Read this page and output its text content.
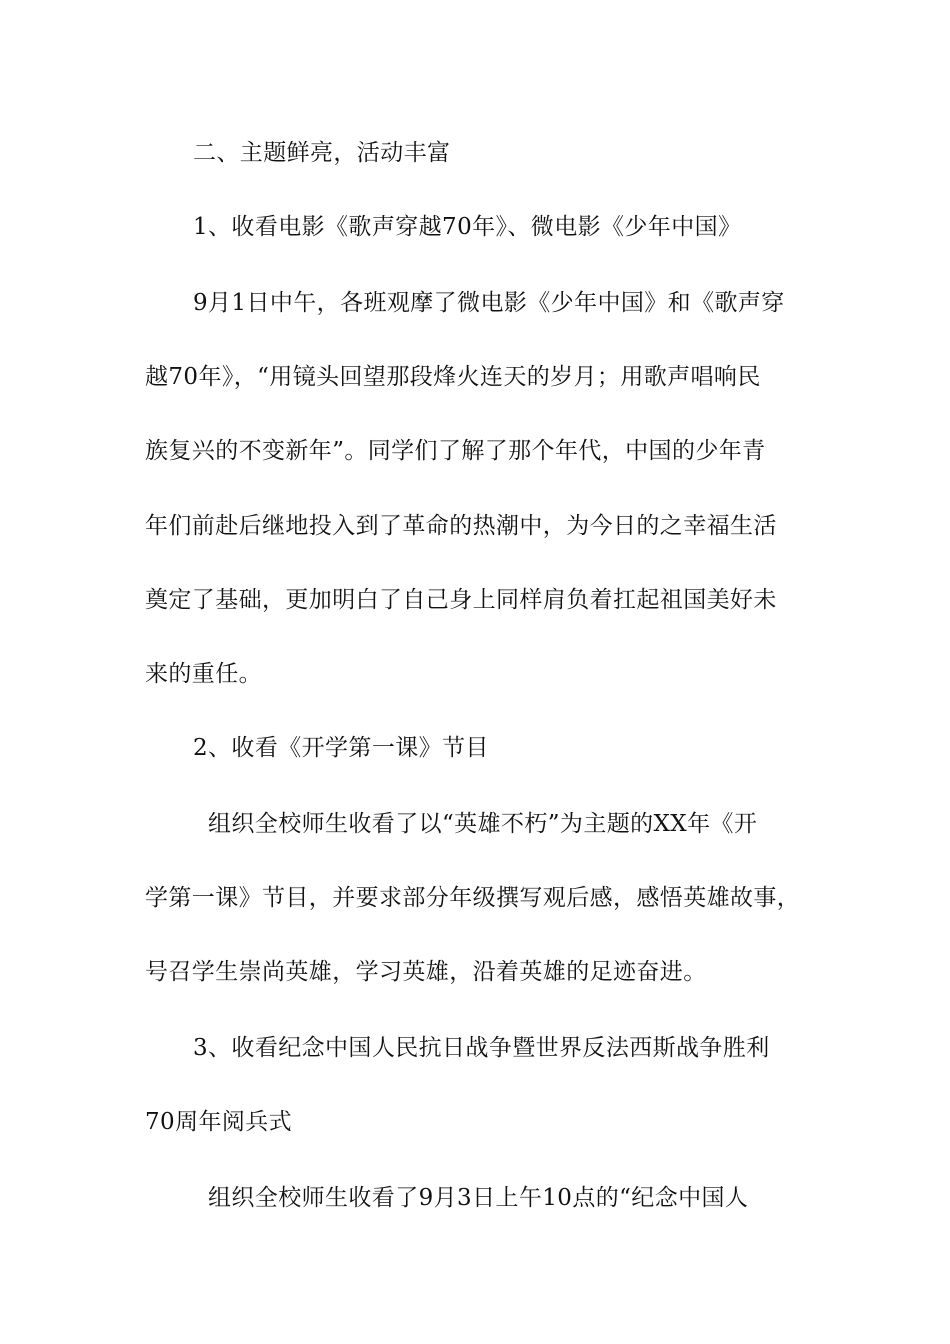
二、主题鲜亮，活动丰富
1、收看电影《歌声穿越70年》、微电影《少年中国》
9月1日中午，各班观摩了微电影《少年中国》和《歌声穿
越70年》，“用镜头回望那段烽火连天的岁月；用歌声唱响民
族复兴的不变新年”。同学们了解了那个年代，中国的少年青
年们前赴后继地投入到了革命的热潮中，为今日的之幸福生活
奠定了基础，更加明白了自己身上同样肩负着扛起祖国美好未
来的重任。
2、收看《开学第一课》节目
组织全校师生收看了以“英雄不朽”为主题的XX年《开
学第一课》节目，并要求部分年级撰写观后感，感悟英雄故事，
号召学生崇尚英雄，学习英雄，沿着英雄的足迹奋进。
3、收看纪念中国人民抗日战争暨世界反法西斯战争胜利
70周年阅兵式
组织全校师生收看了9月3日上午10点的“纪念中国人
